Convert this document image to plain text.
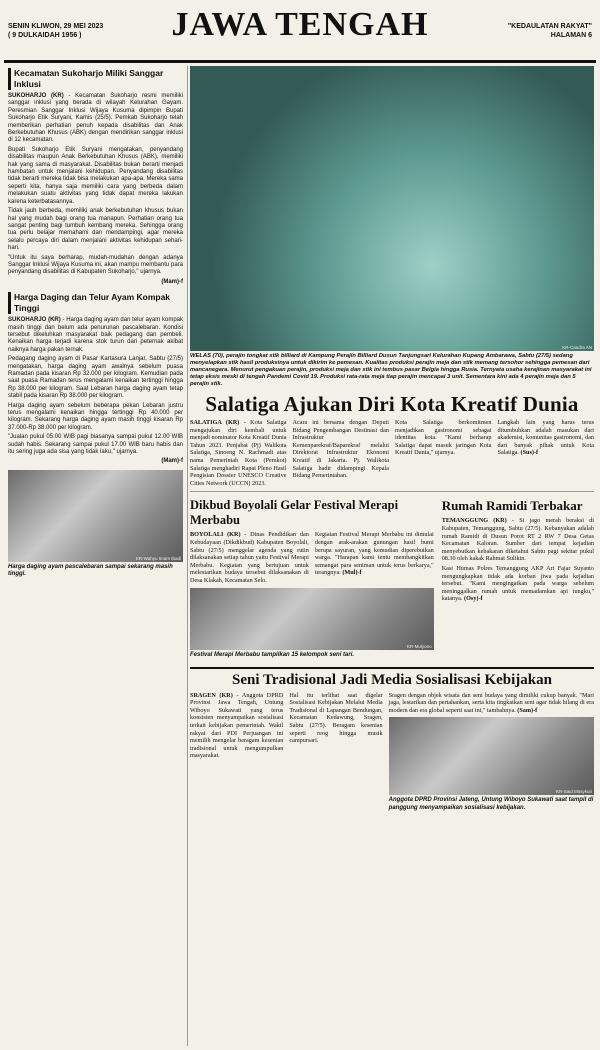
SENIN KLIWON, 29 MEI 2023
( 9 DULKAIDAH 1956 )	JAWA TENGAH	"KEDAULATAN RAKYAT"
HALAMAN 6
Kecamatan Sukoharjo Miliki Sanggar Inklusi

SUKOHARJO (KR) - Kecamatan Sukoharjo resmi memiliki sanggar inklusi yang berada di wilayah Kelurahan Gayam. Peresmian Sanggar Inklusi Wijaya Kusuma dipimpin Bupati Sukoharjo Etik Suryani, Kamis (25/5). Pemkab Sukoharjo telah memberikan perhatian penuh kepada disabilitas dan Anak Berkebutuhan Khusus (ABK) dengan mendirikan sanggar inklusi di 12 kecamatan.

Bupati Sukoharjo Etik Suryani mengatakan, penyandang disabilitas maupun Anak Berkebutuhan Khusus (ABK), memiliki hak yang sama di masyarakat. Disabilitas bukan berarti menjadi hambatan untuk menjalani kehidupan. Penyandang disabilitas tidak berarti mereka tidak bisa melakukan apa-apa. Mereka sama seperti kita, hanya saja memiliki cara yang berbeda dalam melakukan suatu aktivitas yang tidak dapat mereka lakukan karena keterbatasannya.

Tidak jauh berbeda, memiliki anak berkebutuhan khusus bukan hal yang mudah bagi orang tua manapun. Perhatian orang tua sangat penting bagi tumbuh kembang mereka. Sehingga orang tua perlu belajar memahami dan mendampingi, agar mereka selalu percaya diri dalam menjalani aktivitas kehidupan sehari-hari.

"Untuk itu saya berharap, mudah-mudahan dengan adanya Sanggar Inklusi Wijaya Kusuma ini, akan mampu membantu para penyandang disabilitas di Kabupaten Sukoharjo," ujarnya.

(Mam)-f

Harga Daging dan Telur Ayam Kompak Tinggi

SUKOHARJO (KR) - Harga daging ayam dan telur ayam kompak masih tinggi dan belum ada penurunan pascalebaran. Kondisi tersebut dikeluhkan masyarakat baik pedagang dan pembeli. Kenaikan harga terjadi karena stok turun dari peternak akibat naiknya harga pakan ternak.

Pedagang daging ayam di Pasar Kartasura Lanjar, Sabtu (27/5) mengatakan, harga daging ayam awalnya sebelum puasa Ramadan pada kisaran Rp 32.000 per kilogram. Kemudian pada saat puasa Ramadan terus mengalami kenaikan tertinggi hingga Rp 38.000 per kilogram. Saat Lebaran harga daging ayam tetap stabil pada kisaran Rp 38.000 per kilogram.

Harga daging ayam sebelum beberapa pekan Lebaran justru terus mengalami kenaikan hingga tertinggi Rp 40.000 per kilogram. Sekarang harga daging ayam masih tinggi kisaran Rp 37.000-Rp 38.000 per kilogram.

"Jualan pukul 05.00 WIB pagi biasanya sampai pukul 12.00 WIB sudah habis. Sekarang sampai pukul 17.00 WIB baru habis dan itu sering juga ada sisa yang tidak laku," ujarnya.

(Mam)-f

KR-Wahyu Imam Ibadi
Harga daging ayam pascalebaran sampai sekarang masih tinggi.
KR-Candra AN
WELAS (70), perajin tongkat stik billiard di Kampung Perajin Billiard Dusun Tanjungsari Kelurahan Kupang Ambarawa, Sabtu (27/5) sedang menyelapkan stik hasil produksinya untuk dikirim ke pemesan. Kualitas produksi perajin meja dan stik memang tersohor sehingga pemesan dari mancanegara. Menurut pengakuan perajin, produksi meja dan stik ini tembus pasar Belgia hingga Rusia. Ternyata usaha kerajinan masyarakat ini tetap eksis meski di tengah Pandemi Covid 19. Produksi rata-rata meja tiap perajin mencapai 3 unit. Sementara kini ada 4 perajin meja dan 5 perajin stik.
Salatiga Ajukan Diri Kota Kreatif Dunia
SALATIGA (KR) - Kota Salatiga mengajukan diri kembali untuk menjadi nominator Kota Kreatif Dunia Tahun 2023. Penjabat (Pj) Walikota Salatiga, Sinoeng N. Rachmadi atas nama Pemerintah Kota (Pemkot) Salatiga menghadiri Rapat Pleno Hasil Pengisian Dossier UNESCO Creative Cities Network (UCCN) 2023.
Acara ini bersama dengan Deputi Bidang Pengembangan Destinasi dan Infrastruktur Kemenparekraf/Baparekraf melalui Direktorat Infrastruktur Ekonomi Kreatif di Jakarta. Pj. Walikota Salatiga hadir didampingi Kepala Bidang Pemerintahan.
Kota Salatiga berkomitmen menjadikan gastronomi sebagai identitas kota. "Kami berharap Salatiga dapat masuk jaringan Kota Kreatif Dunia," ujarnya.
Langkah lain yang harus terus ditumbuhkan adalah masukan dari akademisi, komunitas gastronomi, dan dari banyak pihak untuk Kota Salatiga. (Sus)-f
Dikbud Boyolali Gelar Festival Merapi Merbabu
BOYOLALI (KR) - Dinas Pendidikan dan Kebudayaan (Dikdikbud) Kabupaten Boyolali, Sabtu (27/5) menggelar agenda yang rutin dilaksanakan setiap tahun yaitu Festival Merapi Merbabu. Kegiatan yang bertujuan untuk melestarikan budaya tersebut dilaksanakan di Desa Klakah, Kecamatan Selo.
Kegiatan Festival Merapi Merbabu ini dimulai dengan arak-arakan gunungan hasil bumi berupa sayuran, yang kemudian diperebutkan warga. "Harapan kami tentu membangkitkan semangat para seniman untuk terus berkarya," terangnya. (Mul)-f
KR-Mulyono
Festival Merapi Merbabu tampilkan 15 kelompok seni tari.
Rumah Ramidi Terbakar
TEMANGGUNG (KR) - Si jago merah beraksi di Kabupaten, Temanggung, Sabtu (27/5). Kebanyakan adalah rumah Ramidi di Dusun Porot RT 2 RW 7 Desa Getas Kecamatan Kaloran. Sumber dari tempat kejadian menyebutkan kebakaran diketahui Sabtu pagi sekitar pukul 08.30 oleh kakak Rahmat Sulikin.
Kasi Humas Polres Temanggung AKP Ari Fajar Suyanto mengungkapkan tidak ada korban jiwa pada kejadian tersebut. "Kami mengingatkan pada warga sebelum meninggalkan rumah untuk memadamkan api tungku," katanya. (Osy)-f
Seni Tradisional Jadi Media Sosialisasi Kebijakan
SRAGEN (KR) - Anggota DPRD Provinsi Jawa Tengah, Untung Wiboyo Sukawati yang terus konsisten menyampaikan sosialisasi terkait kebijakan pemerintah. Wakil rakyat dari PDI Perjuangan ini memilih mengelar beragam kesenian tradisional untuk mengumpulkan masyarakat.
Hal itu terlihat saat digelar Sosialisasi Kebijakan Melalui Media Tradisional di Lapangan Bendungan, Kecamatan Kedawung, Sragen, Sabtu (27/5). Beragam kesenian seperti reog hingga musik campursari.
Sragen dengan objek wisata dan seni budaya yang dimiliki cukup banyak. "Mari jaga, lestarikan dan pertahankan, serta kita tingkatkan seni agar tidak hilang di era modern dan era global seperti saat ini," tambahnya. (Sam)-f
KR-Said Masykuri
Anggota DPRD Provinsi Jateng, Untung Wiboyo Sukawati saat tampil di panggung menyampaikan sosialisasi kebijakan.
